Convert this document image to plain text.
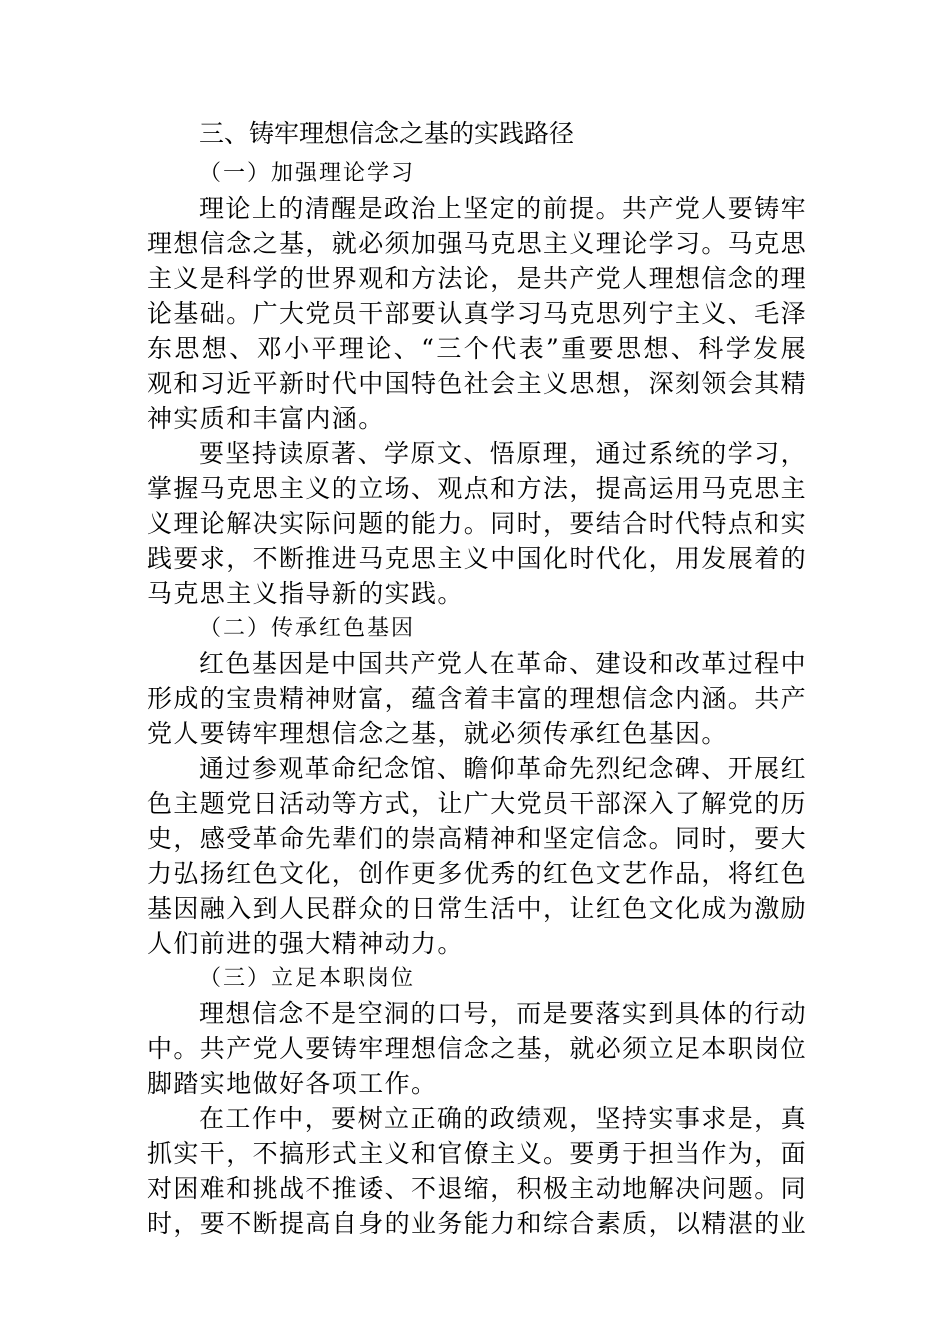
三、铸牢理想信念之基的实践路径
（一）加强理论学习

理论上的清醒是政治上坚定的前提。共产党人要铸牢理想信念之基，就必须加强马克思主义理论学习。马克思主义是科学的世界观和方法论，是共产党人理想信念的理论基础。广大党员干部要认真学习马克思列宁主义、毛泽东思想、邓小平理论、“三个代表”重要思想、科学发展观和习近平新时代中国特色社会主义思想，深刻领会其精神实质和丰富内涵。

要坚持读原著、学原文、悟原理，通过系统的学习，掌握马克思主义的立场、观点和方法，提高运用马克思主义理论解决实际问题的能力。同时，要结合时代特点和实践要求，不断推进马克思主义中国化时代化，用发展着的马克思主义指导新的实践。

（二）传承红色基因

红色基因是中国共产党人在革命、建设和改革过程中形成的宝贵精神财富，蕴含着丰富的理想信念内涵。共产党人要铸牢理想信念之基，就必须传承红色基因。

通过参观革命纪念馆、瞻仰革命先烈纪念碑、开展红色主题党日活动等方式，让广大党员干部深入了解党的历史，感受革命先辈们的崇高精神和坚定信念。同时，要大力弘扬红色文化，创作更多优秀的红色文艺作品，将红色基因融入到人民群众的日常生活中，让红色文化成为激励人们前进的强大精神动力。

（三）立足本职岗位

理想信念不是空洞的口号，而是要落实到具体的行动中。共产党人要铸牢理想信念之基，就必须立足本职岗位脚踏实地做好各项工作。

在工作中，要树立正确的政绩观，坚持实事求是，真抓实干，不搞形式主义和官僚主义。要勇于担当作为，面对困难和挑战不推诿、不退缩，积极主动地解决问题。同时，要不断提高自身的业务能力和综合素质，以精湛的业
